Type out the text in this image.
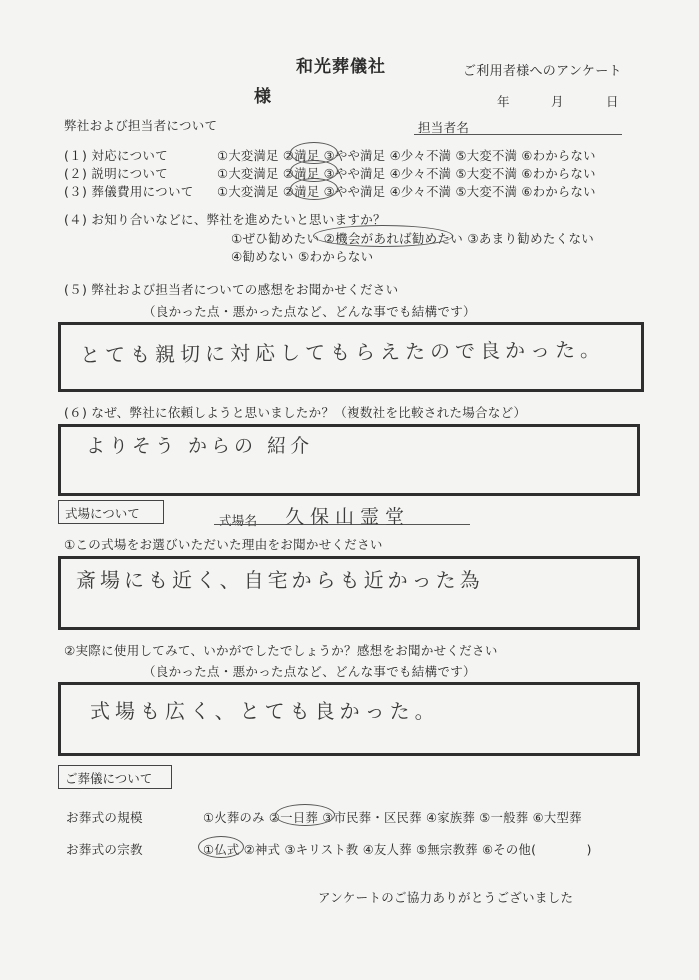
和光葬儀社	ご利用者様へのアンケート
様	年	月	日
弊社および担当者について	担当者名
(１) 対応について	①大変満足 ②満足 ③やや満足 ④少々不満 ⑤大変不満 ⑥わからない
(２) 説明について	①大変満足 ②満足 ③やや満足 ④少々不満 ⑤大変不満 ⑥わからない
(３) 葬儀費用について ①大変満足 ②満足 ③やや満足 ④少々不満 ⑤大変不満 ⑥わからない
(４) お知り合いなどに、弊社を進めたいと思いますか？
①ぜひ勧めたい ②機会があれば勧めたい ③あまり勧めたくない
④勧めない ⑤わからない
(５) 弊社および担当者についての感想をお聞かせください
（良かった点・悪かった点など、どんな事でも結構です）
とても親切に対応してもらえたので良かった。
(６) なぜ、弊社に依頼しようと思いましたか？（複数社を比較された場合など）
よりそう からの 紹介
式場について	式場名 久保山霊堂
①この式場をお選びいただいた理由をお聞かせください
斎場にも近く、自宅からも近かった為
②実際に使用してみて、いかがでしたでしょうか？感想をお聞かせください
（良かった点・悪かった点など、どんな事でも結構です）
式場も広く、とても良かった。
ご葬儀について
お葬式の規模	①火葬のみ ②一日葬 ③市民葬・区民葬 ④家族葬 ⑤一般葬 ⑥大型葬
お葬式の宗教	①仏式 ②神式 ③キリスト教 ④友人葬 ⑤無宗教葬 ⑥その他(　　　　)
アンケートのご協力ありがとうございました
